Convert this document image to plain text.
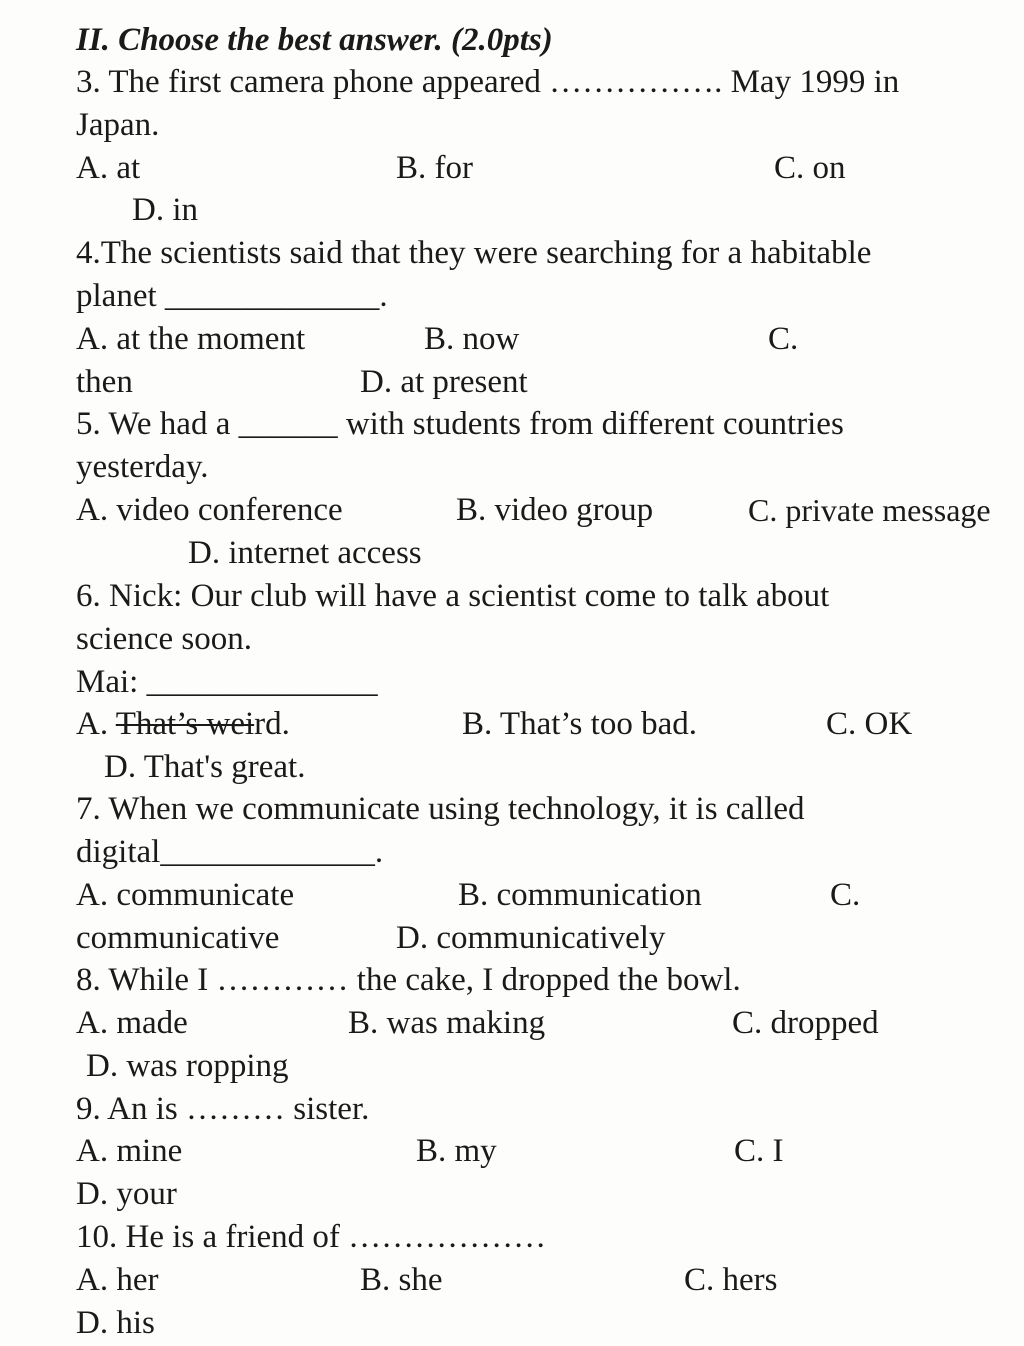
II. Choose the best answer. (2.0pts)
3. The first camera phone appeared ……………. May 1999 in
Japan.
A. at	B. for	C. on
D. in
4.The scientists said that they were searching for a habitable
planet _____________.
A. at the moment	B. now	C.
then	D. at present
5. We had a ______ with students from different countries
yesterday.
A. video conference	B. video group	C. private message
D. internet access
6. Nick: Our club will have a scientist come to talk about
science soon.
Mai: ______________
A. That’s weird.	B. That’s too bad.	C. OK
D. That's great.
7. When we communicate using technology, it is called
digital_____________.
A. communicate	B. communication	C.
communicative	D. communicatively
8. While I ………… the cake, I dropped the bowl.
A. made	B. was making	C. dropped
D. was ropping
9. An is ……… sister.
A. mine	B. my	C. I
D. your
10. He is a friend of ………………
A. her	B. she	C. hers
D. his
